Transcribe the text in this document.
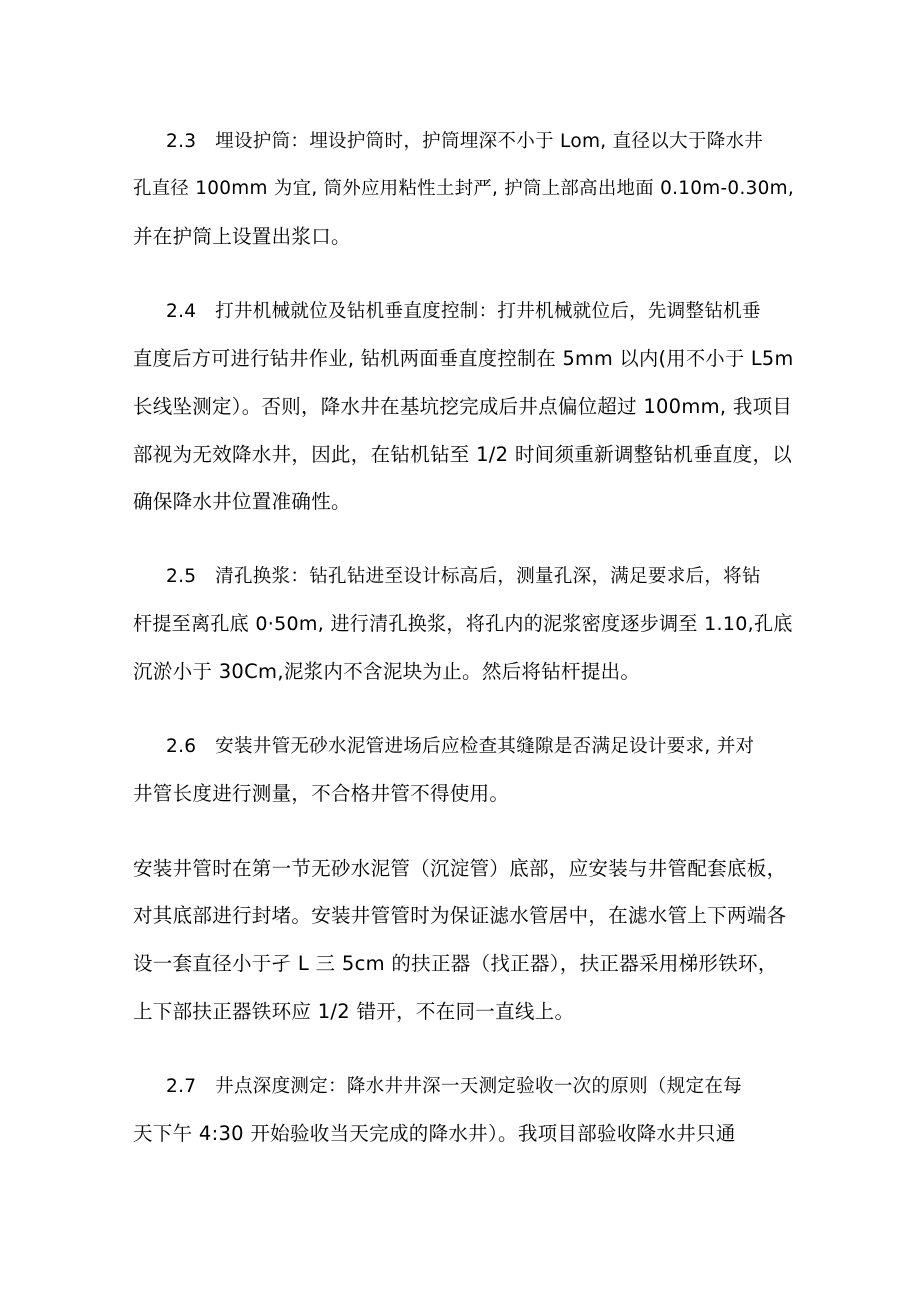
2.3　埋设护筒：埋设护筒时，护筒埋深不小于 Lom, 直径以大于降水井
孔直径 100mm 为宜, 筒外应用粘性土封严, 护筒上部高出地面 0.10m-0.30m,
并在护筒上设置出浆口。
2.4　打井机械就位及钻机垂直度控制：打井机械就位后，先调整钻机垂
直度后方可进行钻井作业, 钻机两面垂直度控制在 5mm 以内(用不小于 L5m
长线坠测定）。否则，降水井在基坑挖完成后井点偏位超过 100mm, 我项目
部视为无效降水井，因此，在钻机钻至 1/2 时间须重新调整钻机垂直度，以
确保降水井位置准确性。
2.5　清孔换浆：钻孔钻进至设计标高后，测量孔深，满足要求后，将钻
杆提至离孔底 0·50m, 进行清孔换浆，将孔内的泥浆密度逐步调至 1.10,孔底
沉淤小于 30Cm,泥浆内不含泥块为止。然后将钻杆提出。
2.6　安装井管无砂水泥管进场后应检查其缝隙是否满足设计要求, 并对
井管长度进行测量，不合格井管不得使用。
安装井管时在第一节无砂水泥管（沉淀管）底部，应安装与井管配套底板，
对其底部进行封堵。安装井管管时为保证滤水管居中，在滤水管上下两端各
设一套直径小于孑 L 三 5cm 的扶正器（找正器），扶正器采用梯形铁环，
上下部扶正器铁环应 1/2 错开，不在同一直线上。
2.7　井点深度测定：降水井井深一天测定验收一次的原则（规定在每
天下午 4:30 开始验收当天完成的降水井）。我项目部验收降水井只通
